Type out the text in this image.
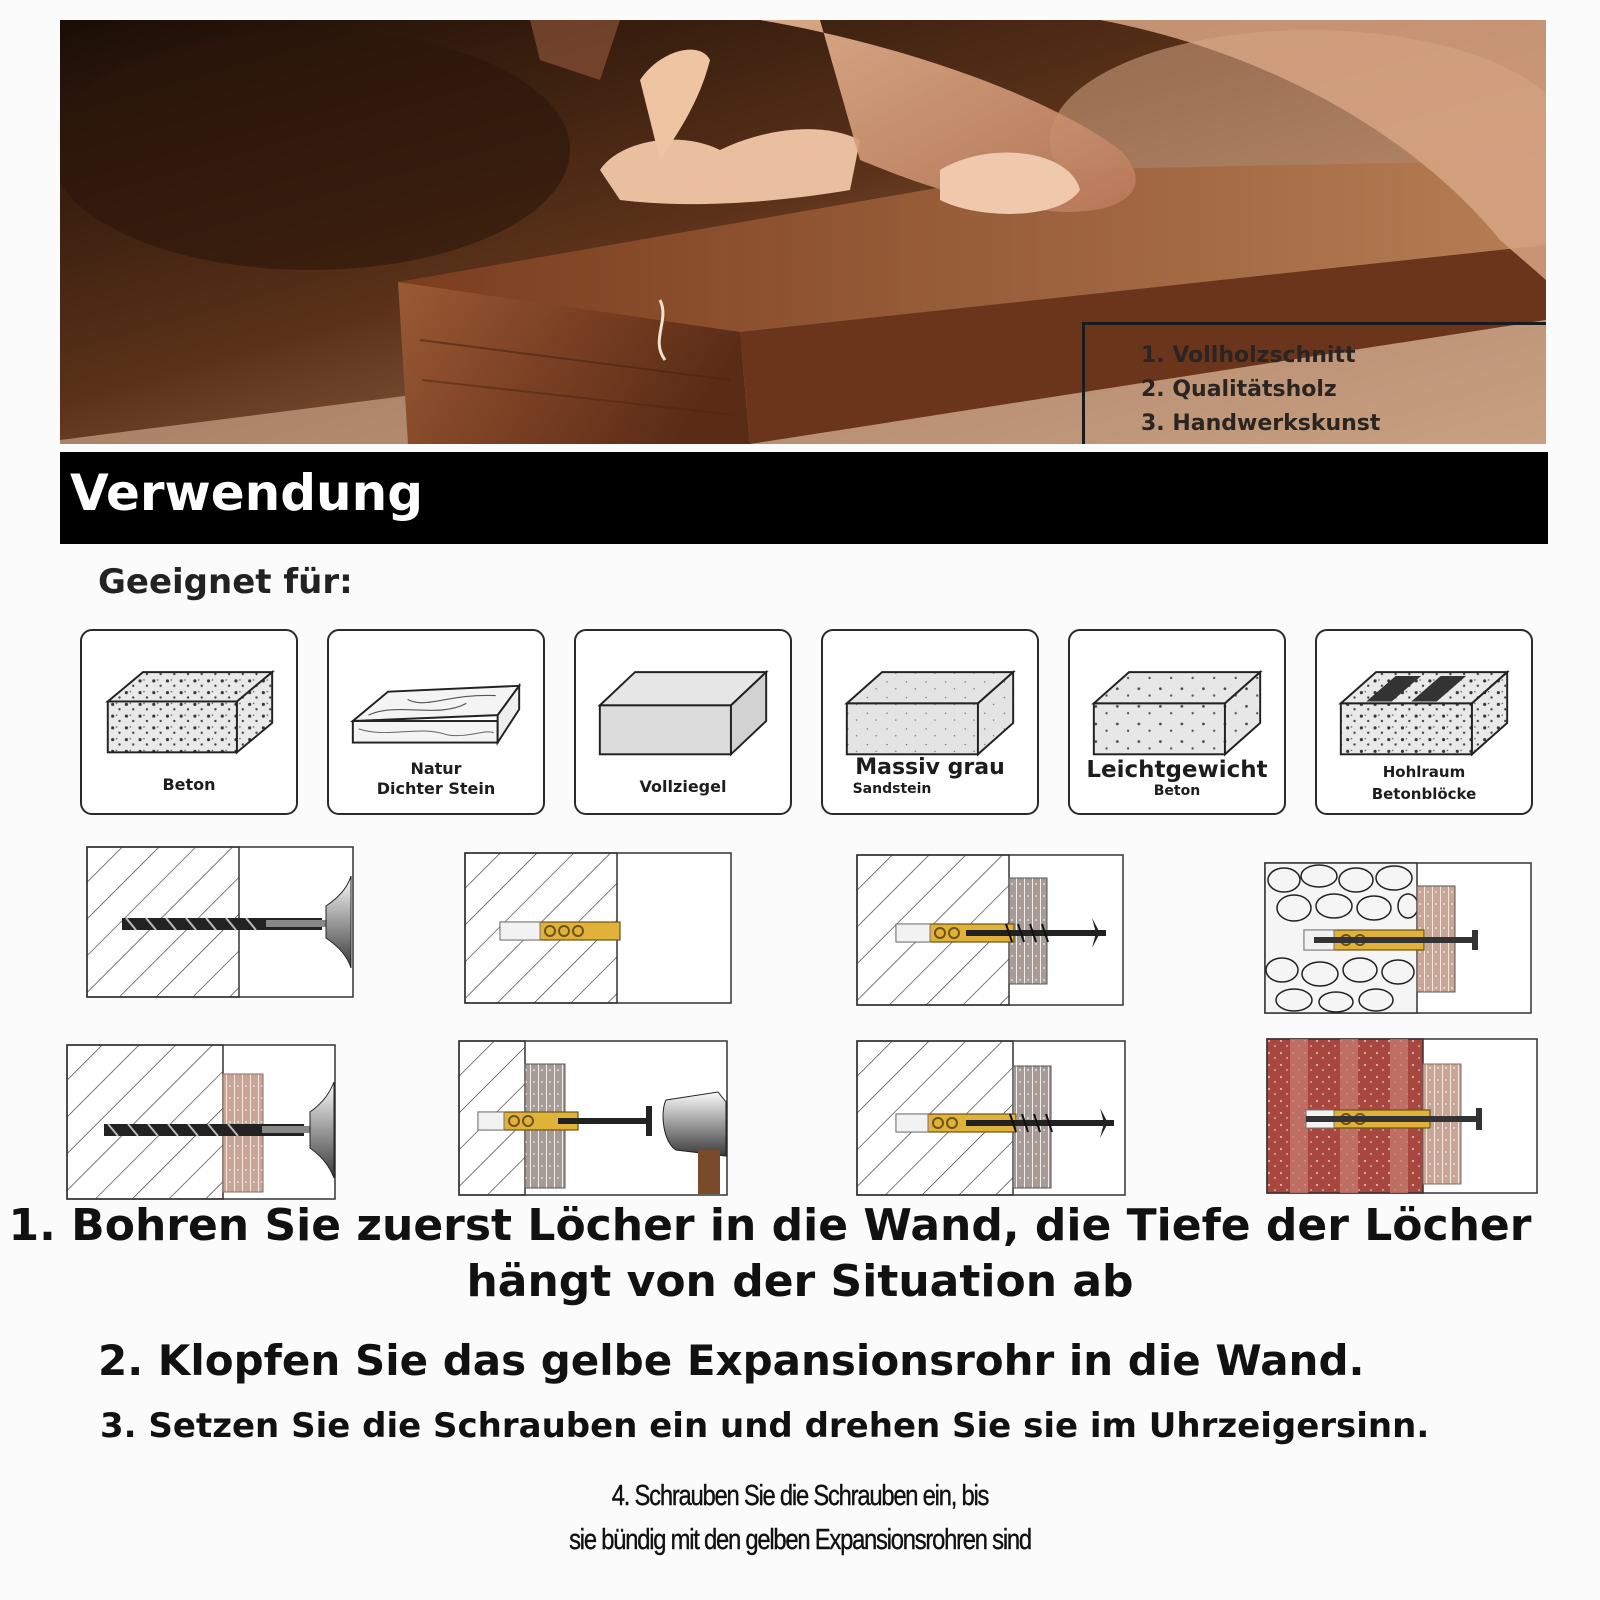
1. Vollholzschnitt
2. Qualitätsholz
3. Handwerkskunst
Verwendung
Geeignet für:
Beton
Natur
Dichter Stein	Vollziegel
Massiv grau
Sandstein
Leichtgewicht
Beton
Hohlraum
Betonblöcke
1. Bohren Sie zuerst Löcher in die Wand, die Tiefe der Löcher
hängt von der Situation ab
2. Klopfen Sie das gelbe Expansionsrohr in die Wand.
3. Setzen Sie die Schrauben ein und drehen Sie sie im Uhrzeigersinn.
4. Schrauben Sie die Schrauben ein, bis
sie bündig mit den gelben Expansionsrohren sind
